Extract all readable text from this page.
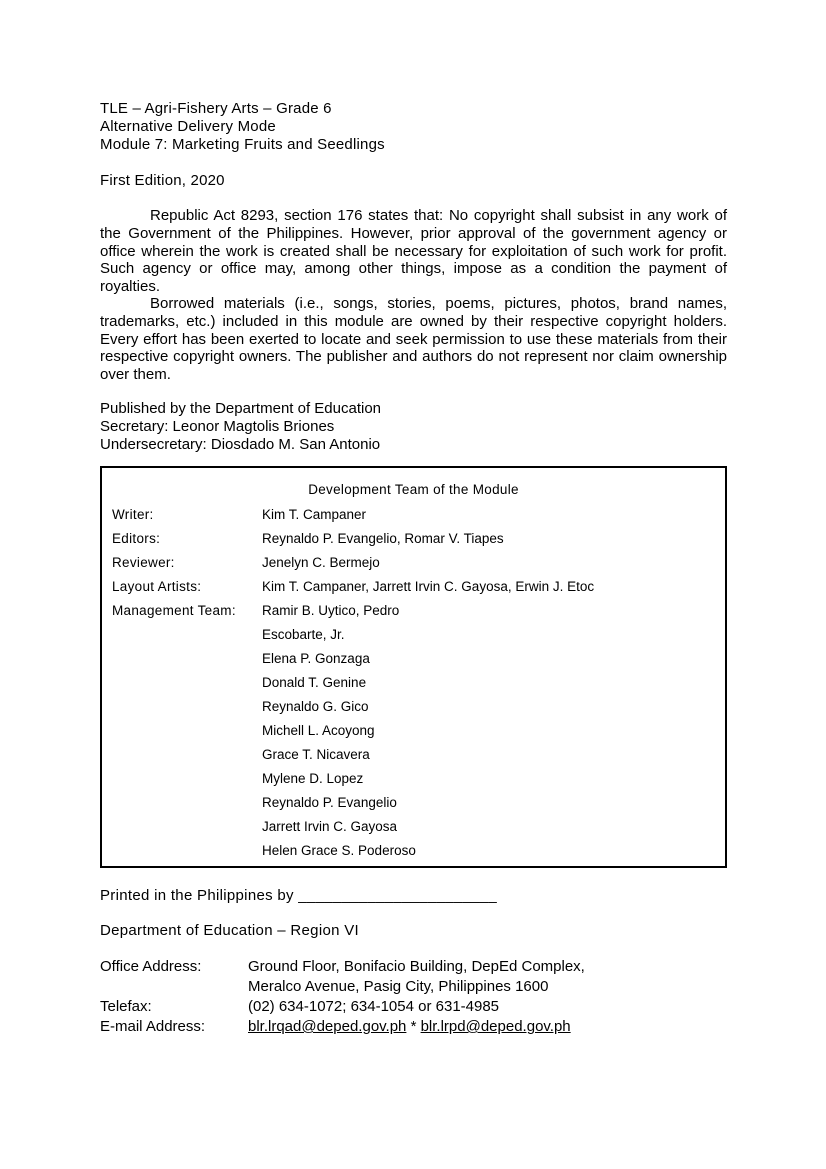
TLE – Agri-Fishery Arts – Grade 6
Alternative Delivery Mode
Module 7: Marketing Fruits and Seedlings
First Edition, 2020
Republic Act 8293, section 176 states that: No copyright shall subsist in any work of the Government of the Philippines. However, prior approval of the government agency or office wherein the work is created shall be necessary for exploitation of such work for profit. Such agency or office may, among other things, impose as a condition the payment of royalties.
Borrowed materials (i.e., songs, stories, poems, pictures, photos, brand names, trademarks, etc.) included in this module are owned by their respective copyright holders. Every effort has been exerted to locate and seek permission to use these materials from their respective copyright owners. The publisher and authors do not represent nor claim ownership over them.
Published by the Department of Education
Secretary: Leonor Magtolis Briones
Undersecretary: Diosdado M. San Antonio
Development Team of the Module
Writer:	Kim T. Campaner
Editors:	Reynaldo P. Evangelio, Romar V. Tiapes
Reviewer:	Jenelyn C. Bermejo
Layout Artists:	Kim T. Campaner, Jarrett Irvin C. Gayosa, Erwin J. Etoc
Management Team: Ramir B. Uytico, Pedro
Escobarte, Jr.
Elena P. Gonzaga
Donald T. Genine
Reynaldo G. Gico
Michell L. Acoyong
Grace T. Nicavera
Mylene D. Lopez
Reynaldo P. Evangelio
Jarrett Irvin C. Gayosa
Helen Grace S. Poderoso
Printed in the Philippines by _______________________
Department of Education – Region VI
Office Address:	Ground Floor, Bonifacio Building, DepEd Complex,
Meralco Avenue, Pasig City, Philippines 1600
Telefax:	(02) 634-1072; 634-1054 or 631-4985
E-mail Address:	blr.lrqad@deped.gov.ph * blr.lrpd@deped.gov.ph
